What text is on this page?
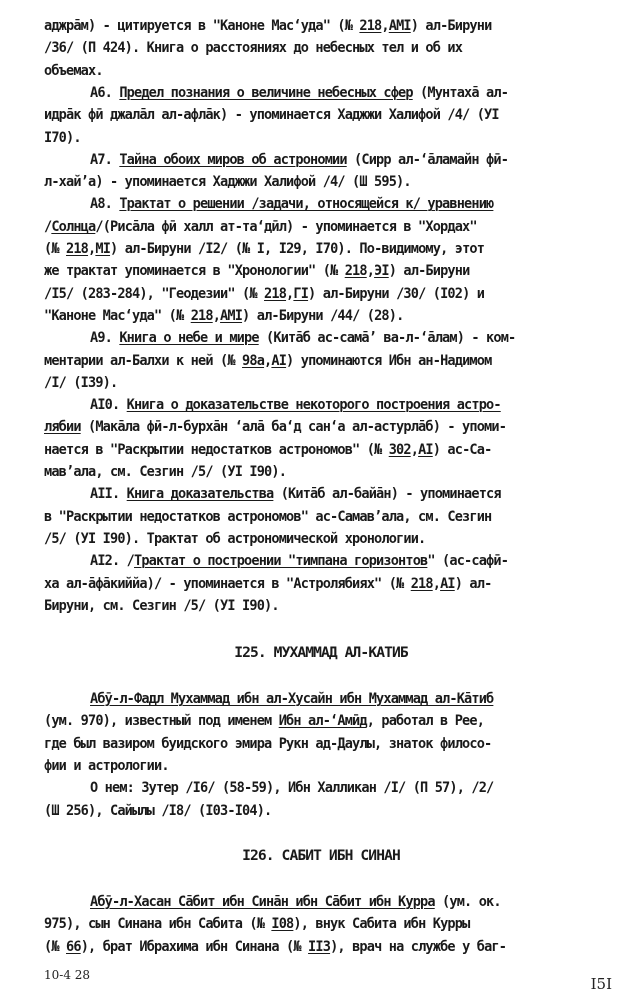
аджрāм) - цитируется в "Каноне Мас‘уда" (№ 218,АМI) ал-Бируни
/36/ (П 424). Книга о расстояниях до небесных тел и об их
объемах.
А6. Предел познания о величине небесных сфер (Мунтахā ал-
идрāк фӣ джалāл ал-афлāк) - упоминается Хаджжи Халифой /4/ (УI
I70).
А7. Тайна обоих миров об астрономии (Сирр ал-‘āламайн фӣ-
л-хай’а) - упоминается Хаджжи Халифой /4/ (Ш 595).
А8. Трактат о решении /задачи, относящейся к/ уравнению
/Солнца/(Рисāла фӣ халл ат-та‘дӣл) - упоминается в "Хордах"
(№ 218,МI) ал-Бируни /I2/ (№ I, I29, I70). По-видимому, этот
же трактат упоминается в "Хронологии" (№ 218,ЭI) ал-Бируни
/I5/ (283-284), "Геодезии" (№ 218,ГI) ал-Бируни /30/ (I02) и
"Каноне Мас‘уда" (№ 218,АМI) ал-Бируни /44/ (28).
А9. Книга о небе и мире (Китāб ас-самā’ ва-л-‘āлам) - ком-
ментарии ал-Балхи к ней (№ 98а,АI) упоминаются Ибн ан-Надимом
/I/ (I39).
АI0. Книга о доказательстве некоторого построения астро-
лябии (Макāла фӣ-л-бурхāн ‘алā ба‘д сан‘а ал-астурлāб) - упоми-
нается в "Раскрытии недостатков астрономов" (№ 302,АI) ас-Са-
мав’ала, см. Сезгин /5/ (УI I90).
АII. Книга доказательства (Китāб ал-байāн) - упоминается
в "Раскрытии недостатков астрономов" ас-Самав’ала, см. Сезгин
/5/ (УI I90). Трактат об астрономической хронологии.
АI2. /Трактат о построении "тимпана горизонтов" (ас-сафӣ-
ха ал-āфāкиййа)/ - упоминается в "Астролябиях" (№ 218,АI) ал-
Бируни, см. Сезгин /5/ (УI I90).
I25. МУХАММАД АЛ-КАТИБ
Абӯ-л-Фадл Мухаммад ибн ал-Хусайн ибн Мухаммад ал-Кāтиб
(ум. 970), известный под именем Ибн ал-‘Амӣд, работал в Рее,
где был вазиром буидского эмира Рукн ад-Даулы, знаток филосо-
фии и астрологии.
О нем: Зутер /I6/ (58-59), Ибн Халликан /I/ (П 57), /2/
(Ш 256), Сайылы /I8/ (I03-I04).
I26. САБИТ ИБН СИНАН
Абӯ-л-Хасан Сāбит ибн Синāн ибн Сāбит ибн Курра (ум. ок.
975), сын Синана ибн Сабита (№ I08), внук Сабита ибн Курры
(№ 66), брат Ибрахима ибн Синана (№ II3), врач на службе у баг-
10-4 28	I5I
